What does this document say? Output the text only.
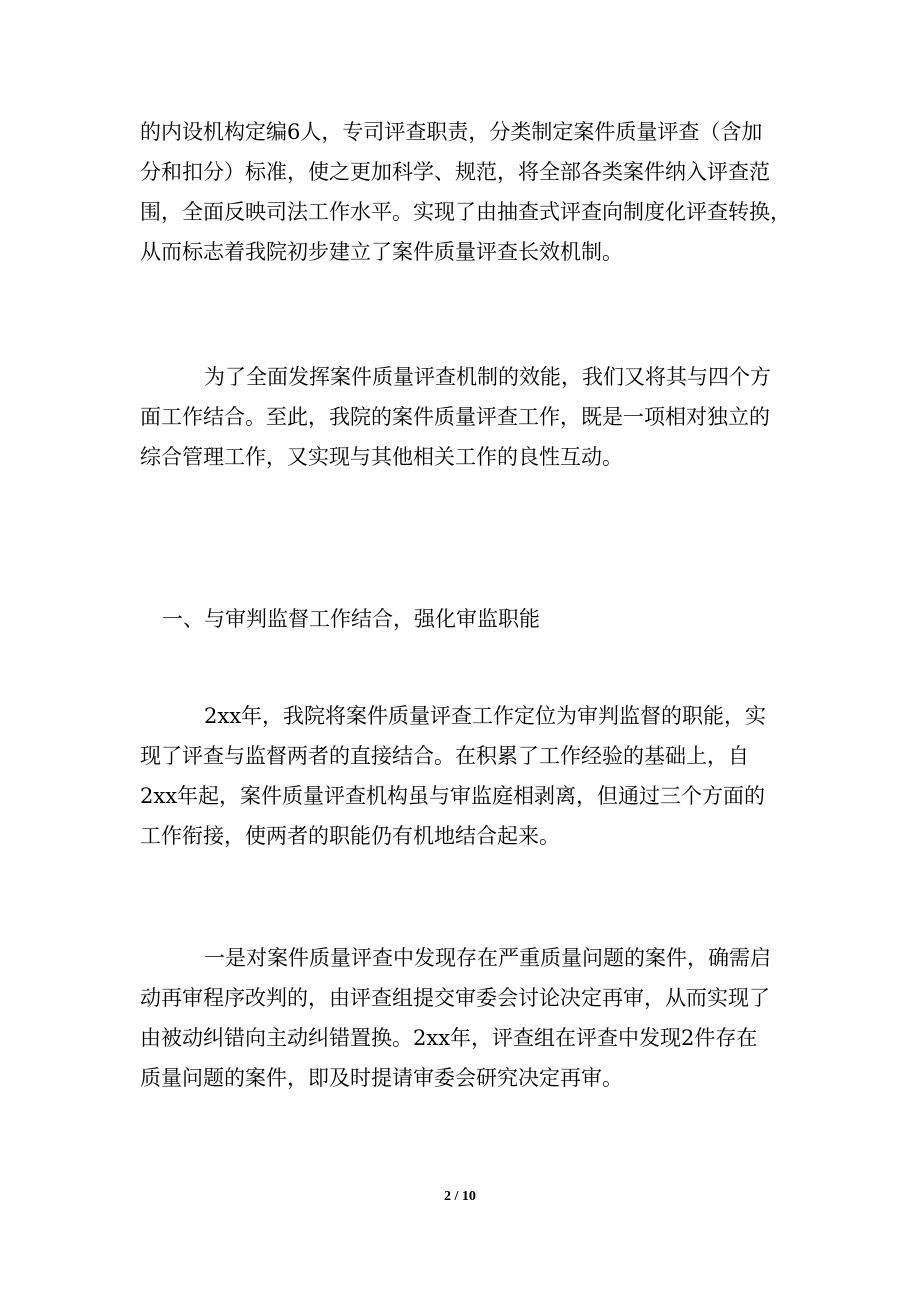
的内设机构定编6人，专司评查职责，分类制定案件质量评查（含加
分和扣分）标准，使之更加科学、规范，将全部各类案件纳入评查范
围，全面反映司法工作水平。实现了由抽查式评查向制度化评查转换，
从而标志着我院初步建立了案件质量评查长效机制。
为了全面发挥案件质量评查机制的效能，我们又将其与四个方
面工作结合。至此，我院的案件质量评查工作，既是一项相对独立的
综合管理工作，又实现与其他相关工作的良性互动。
一、与审判监督工作结合，强化审监职能
2xx年，我院将案件质量评查工作定位为审判监督的职能，实
现了评查与监督两者的直接结合。在积累了工作经验的基础上，自
2xx年起，案件质量评查机构虽与审监庭相剥离，但通过三个方面的
工作衔接，使两者的职能仍有机地结合起来。
一是对案件质量评查中发现存在严重质量问题的案件，确需启
动再审程序改判的，由评查组提交审委会讨论决定再审，从而实现了
由被动纠错向主动纠错置换。2xx年，评查组在评查中发现2件存在
质量问题的案件，即及时提请审委会研究决定再审。
2 / 10
